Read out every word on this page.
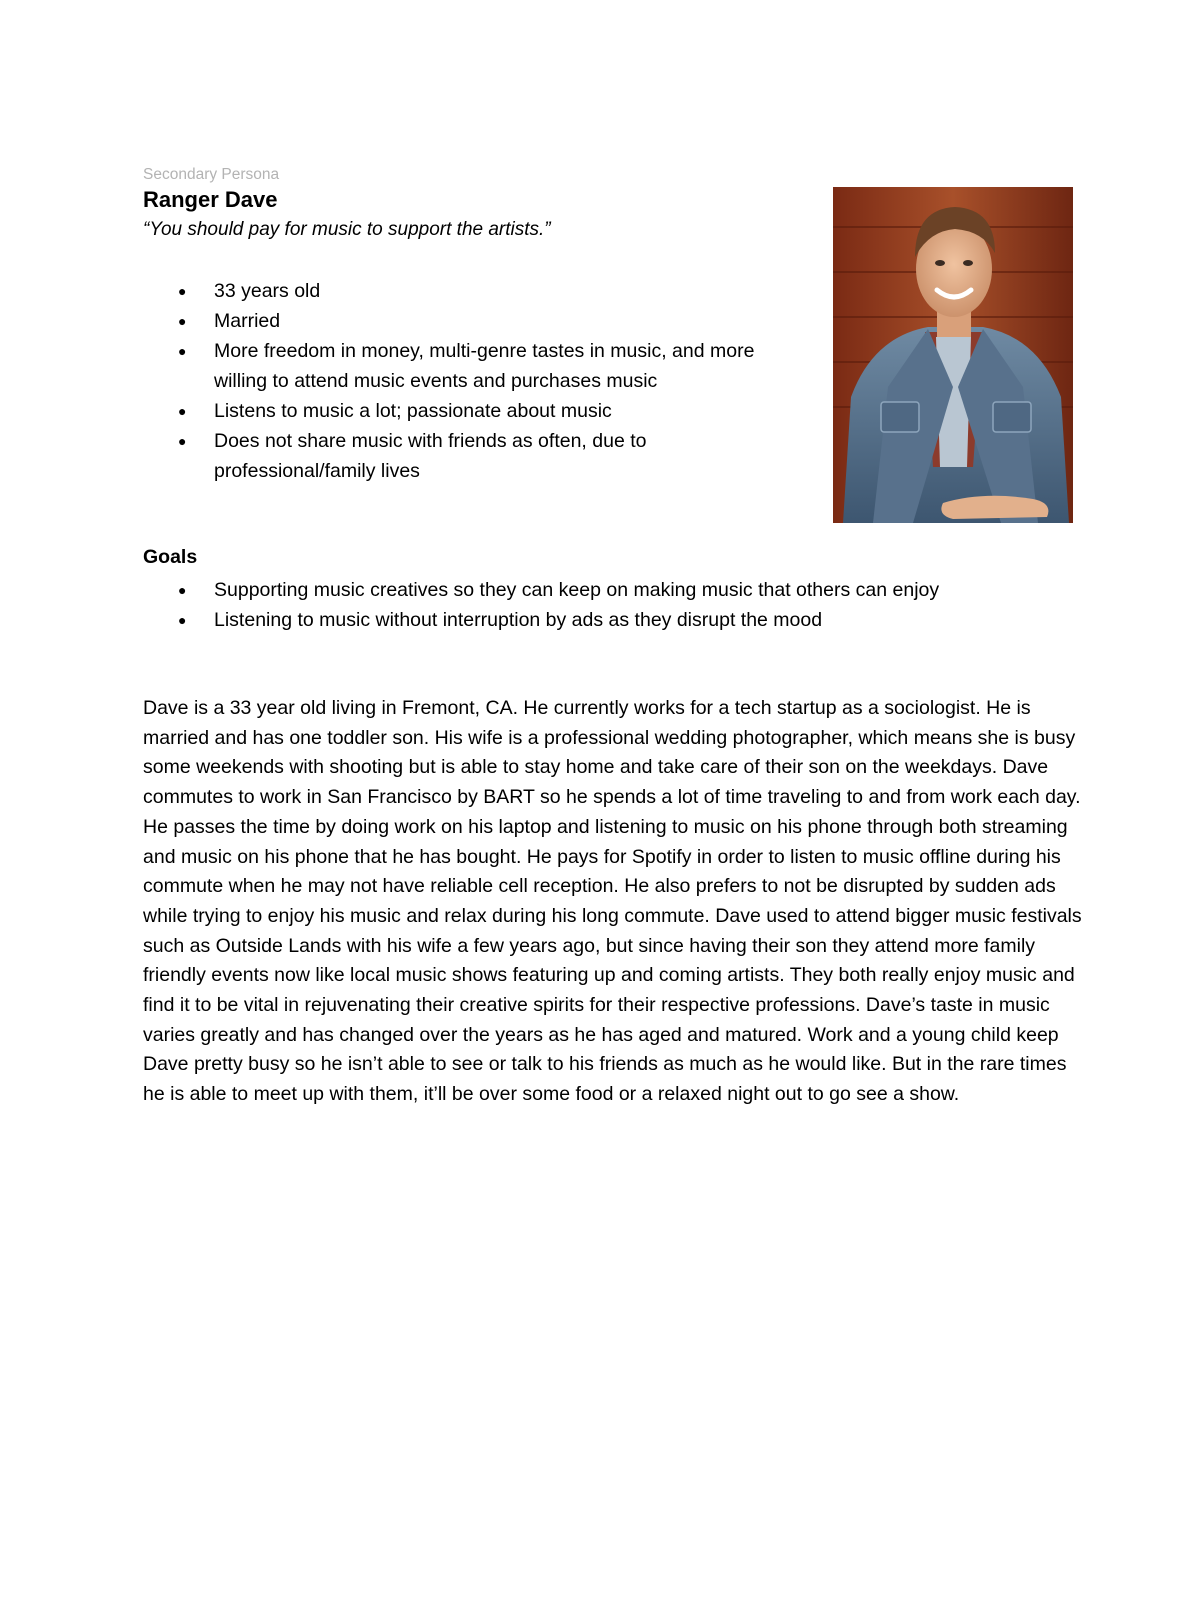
Secondary Persona
Ranger Dave
“You should pay for music to support the artists.”
● 33 years old
● Married
● More freedom in money, multi-genre tastes in music, and more willing to attend music events and purchases music
● Listens to music a lot; passionate about music
● Does not share music with friends as often, due to professional/family lives
Goals
● Supporting music creatives so they can keep on making music that others can enjoy
● Listening to music without interruption by ads as they disrupt the mood

Dave is a 33 year old living in Fremont, CA. He currently works for a tech startup as a sociologist. He is married and has one toddler son. His wife is a professional wedding photographer, which means she is busy some weekends with shooting but is able to stay home and take care of their son on the weekdays. Dave commutes to work in San Francisco by BART so he spends a lot of time traveling to and from work each day. He passes the time by doing work on his laptop and listening to music on his phone through both streaming and music on his phone that he has bought. He pays for Spotify in order to listen to music offline during his commute when he may not have reliable cell reception. He also prefers to not be disrupted by sudden ads while trying to enjoy his music and relax during his long commute. Dave used to attend bigger music festivals such as Outside Lands with his wife a few years ago, but since having their son they attend more family friendly events now like local music shows featuring up and coming artists. They both really enjoy music and find it to be vital in rejuvenating their creative spirits for their respective professions. Dave’s taste in music varies greatly and has changed over the years as he has aged and matured. Work and a young child keep Dave pretty busy so he isn’t able to see or talk to his friends as much as he would like. But in the rare times he is able to meet up with them, it’ll be over some food or a relaxed night out to go see a show.
